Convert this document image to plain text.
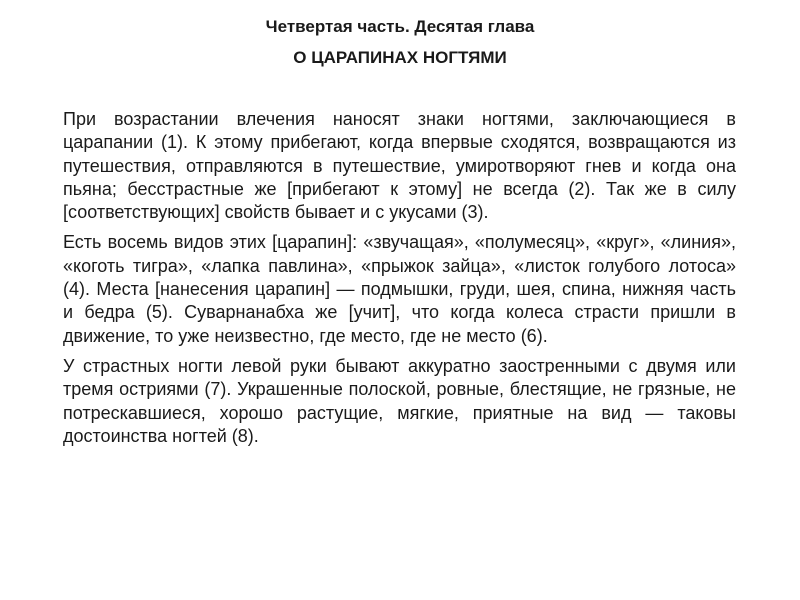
Четвертая часть. Десятая глава

О ЦАРАПИНАХ НОГТЯМИ

При возрастании влечения наносят знаки ногтями, заключающиеся в царапании (1). К этому прибегают, когда впервые сходятся, возвращаются из путешествия, отправляются в путешествие, умиротворяют гнев и когда она пьяна; бесстрастные же [прибегают к этому] не всегда (2). Так же в силу [соответствующих] свойств бывает и с укусами (3).

Есть восемь видов этих [царапин]: «звучащая», «полумесяц», «круг», «линия», «коготь тигра», «лапка павлина», «прыжок зайца», «листок голубого лотоса» (4). Места [нанесения царапин] — подмышки, груди, шея, спина, нижняя часть и бедра (5). Суварнанабха же [учит], что когда колеса страсти пришли в движение, то уже неизвестно, где место, где не место (6).

У страстных ногти левой руки бывают аккуратно заостренными с двумя или тремя остриями (7). Украшенные полоской, ровные, блестящие, не грязные, не потрескавшиеся, хорошо растущие, мягкие, приятные на вид — таковы достоинства ногтей (8).
